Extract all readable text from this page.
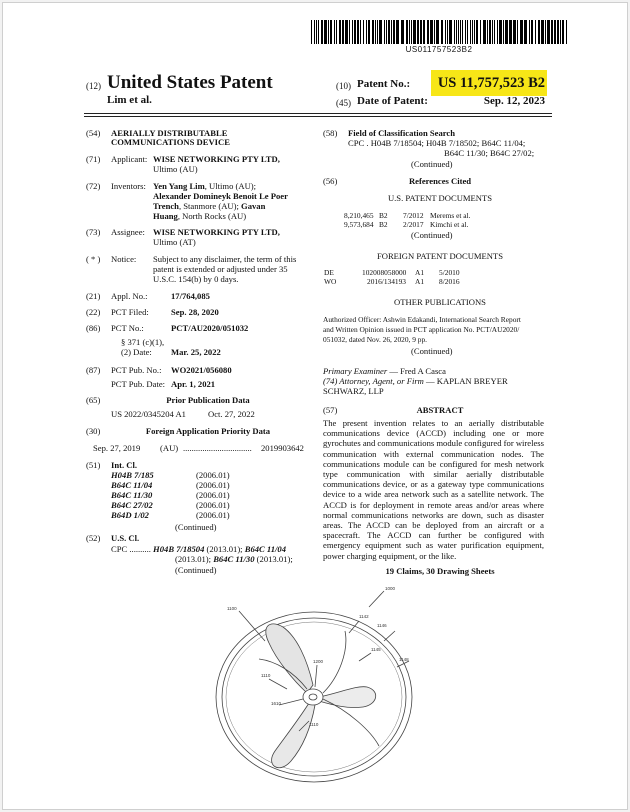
US011757523B2
(12) United States Patent
Lim et al.
(10) Patent No.:	US 11,757,523 B2
(45) Date of Patent:	Sep. 12, 2023
(54) AERIALLY DISTRIBUTABLE
COMMUNICATIONS DEVICE
(71) Applicant: WISE NETWORKING PTY LTD,
Ultimo (AU)
(72) Inventors: Yen Yang Lim, Ultimo (AU);
Alexander Domineyk Benoit Le Poer
Trench, Stanmore (AU); Gavan
Huang, North Rocks (AU)
(73) Assignee: WISE NETWORKING PTY LTD,
Ultimo (AT)
( * ) Notice: Subject to any disclaimer, the term of this
patent is extended or adjusted under 35
U.S.C. 154(b) by 0 days.
(21) Appl. No.:	17/764,085
(22) PCT Filed:	Sep. 28, 2020
(86) PCT No.:	PCT/AU2020/051032
§ 371 (c)(1),
(2) Date: Mar. 25, 2022
(87) PCT Pub. No.: WO2021/056080
PCT Pub. Date: Apr. 1, 2021
(65)	Prior Publication Data
US 2022/0345204 A1	Oct. 27, 2022
(30)	Foreign Application Priority Data
Sep. 27, 2019 (AU) ................................	2019903642
(51) Int. Cl.
H04B 7/185	(2006.01)
B64C 11/04	(2006.01)
B64C 11/30	(2006.01)
B64C 27/02	(2006.01)
B64D 1/02	(2006.01)
(Continued)
(52) U.S. Cl.
CPC .......... H04B 7/18504 (2013.01); B64C 11/04
(2013.01); B64C 11/30 (2013.01);
(Continued)
(58) Field of Classification Search
CPC . H04B 7/18504; H04B 7/18502; B64C 11/04;
B64C 11/30; B64C 27/02;
(Continued)
(56)	References Cited
U.S. PATENT DOCUMENTS
8,210,465 B2 7/2012 Merems et al.
9,573,684 B2 2/2017 Kimchi et al.
(Continued)
FOREIGN PATENT DOCUMENTS
DE	102008058000 A1 5/2010
WO	2016/134193 A1 8/2016
OTHER PUBLICATIONS
Authorized Officer: Ashwin Edakandi, International Search Report
and Written Opinion issued in PCT application No. PCT/AU2020/
051032, dated Nov. 26, 2020, 9 pp.
(Continued)
Primary Examiner — Fred A Casca
(74) Attorney, Agent, or Firm — KAPLAN BREYER
SCHWARZ, LLP
(57)	ABSTRACT
The present invention relates to an aerially distributable communications device (ACCD) including one or more gyrochutes and communications module configured for wireless communication with external communication nodes. The communications module can be configured for mesh network type communication with similar aerially distributable communications device, or as a gateway type communications device to a wide area network such as a satellite network. The ACCD is for deployment in remote areas and/or areas where normal communications networks are down, such as disaster areas. The ACCD can be deployed from an aircraft or a spacecraft. The ACCD can further be configured with emergency equipment such as water purification equipment, power charging equipment, or the like.
19 Claims, 30 Drawing Sheets
1000
1100
1142
1146
1148
1145
1200
1110
1610
1110
